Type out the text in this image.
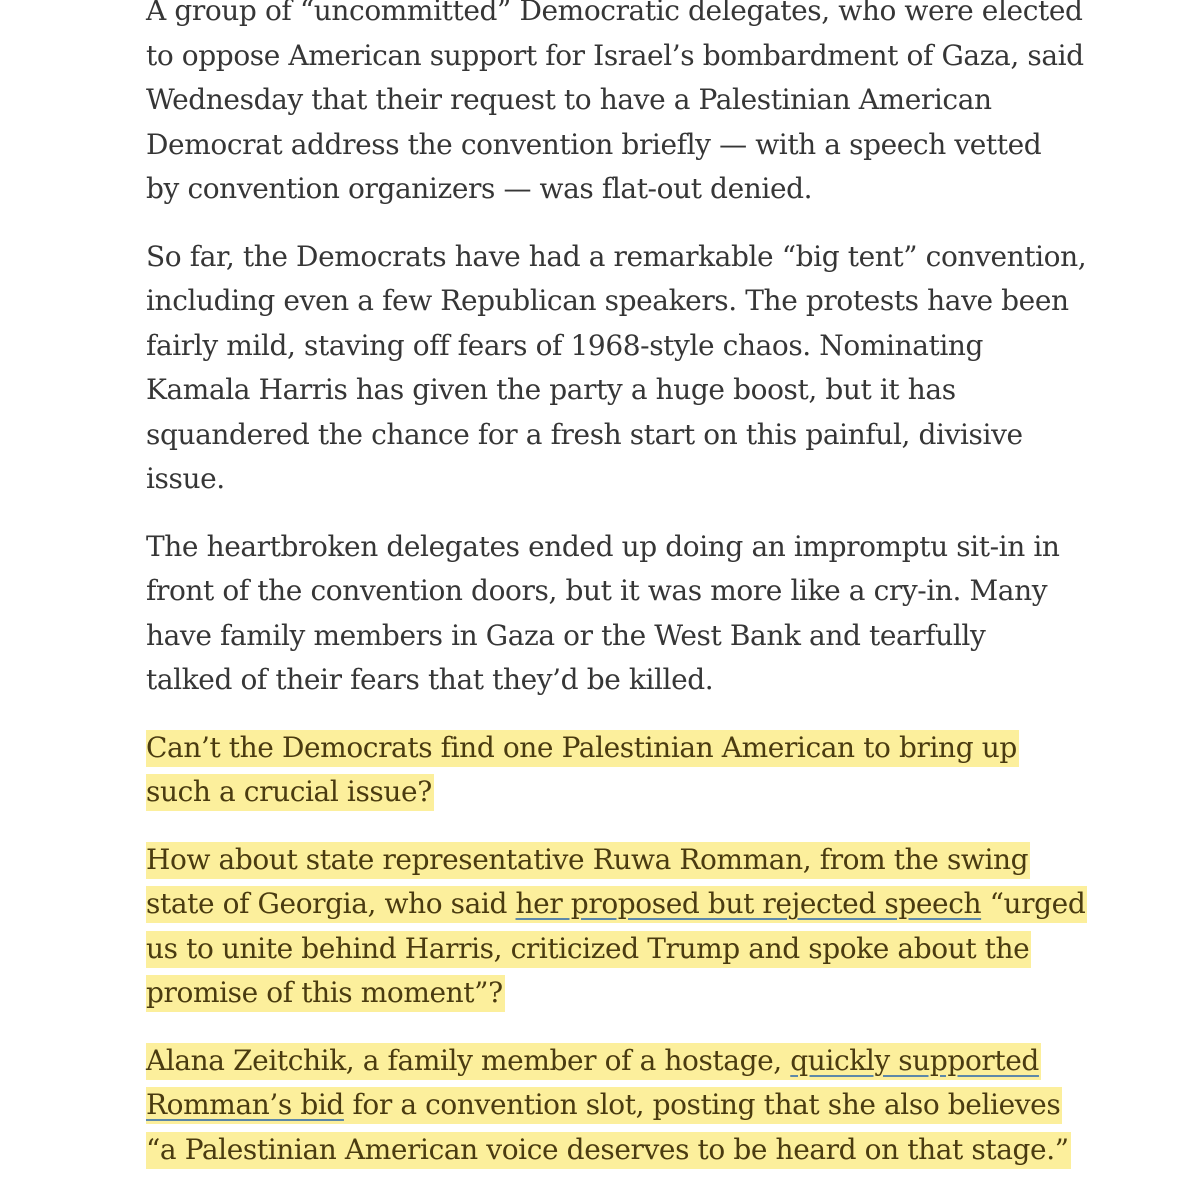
A group of “uncommitted” Democratic delegates, who were elected
to oppose American support for Israel’s bombardment of Gaza, said
Wednesday that their request to have a Palestinian American
Democrat address the convention briefly — with a speech vetted
by convention organizers — was flat-out denied.

So far, the Democrats have had a remarkable “big tent” convention,
including even a few Republican speakers. The protests have been
fairly mild, staving off fears of 1968-style chaos. Nominating
Kamala Harris has given the party a huge boost, but it has
squandered the chance for a fresh start on this painful, divisive
issue.

The heartbroken delegates ended up doing an impromptu sit-in in
front of the convention doors, but it was more like a cry-in. Many
have family members in Gaza or the West Bank and tearfully
talked of their fears that they’d be killed.

Can’t the Democrats find one Palestinian American to bring up
such a crucial issue?

How about state representative Ruwa Romman, from the swing
state of Georgia, who said her proposed but rejected speech “urged
us to unite behind Harris, criticized Trump and spoke about the
promise of this moment”?

Alana Zeitchik, a family member of a hostage, quickly supported
Romman’s bid for a convention slot, posting that she also believes
“a Palestinian American voice deserves to be heard on that stage.”
